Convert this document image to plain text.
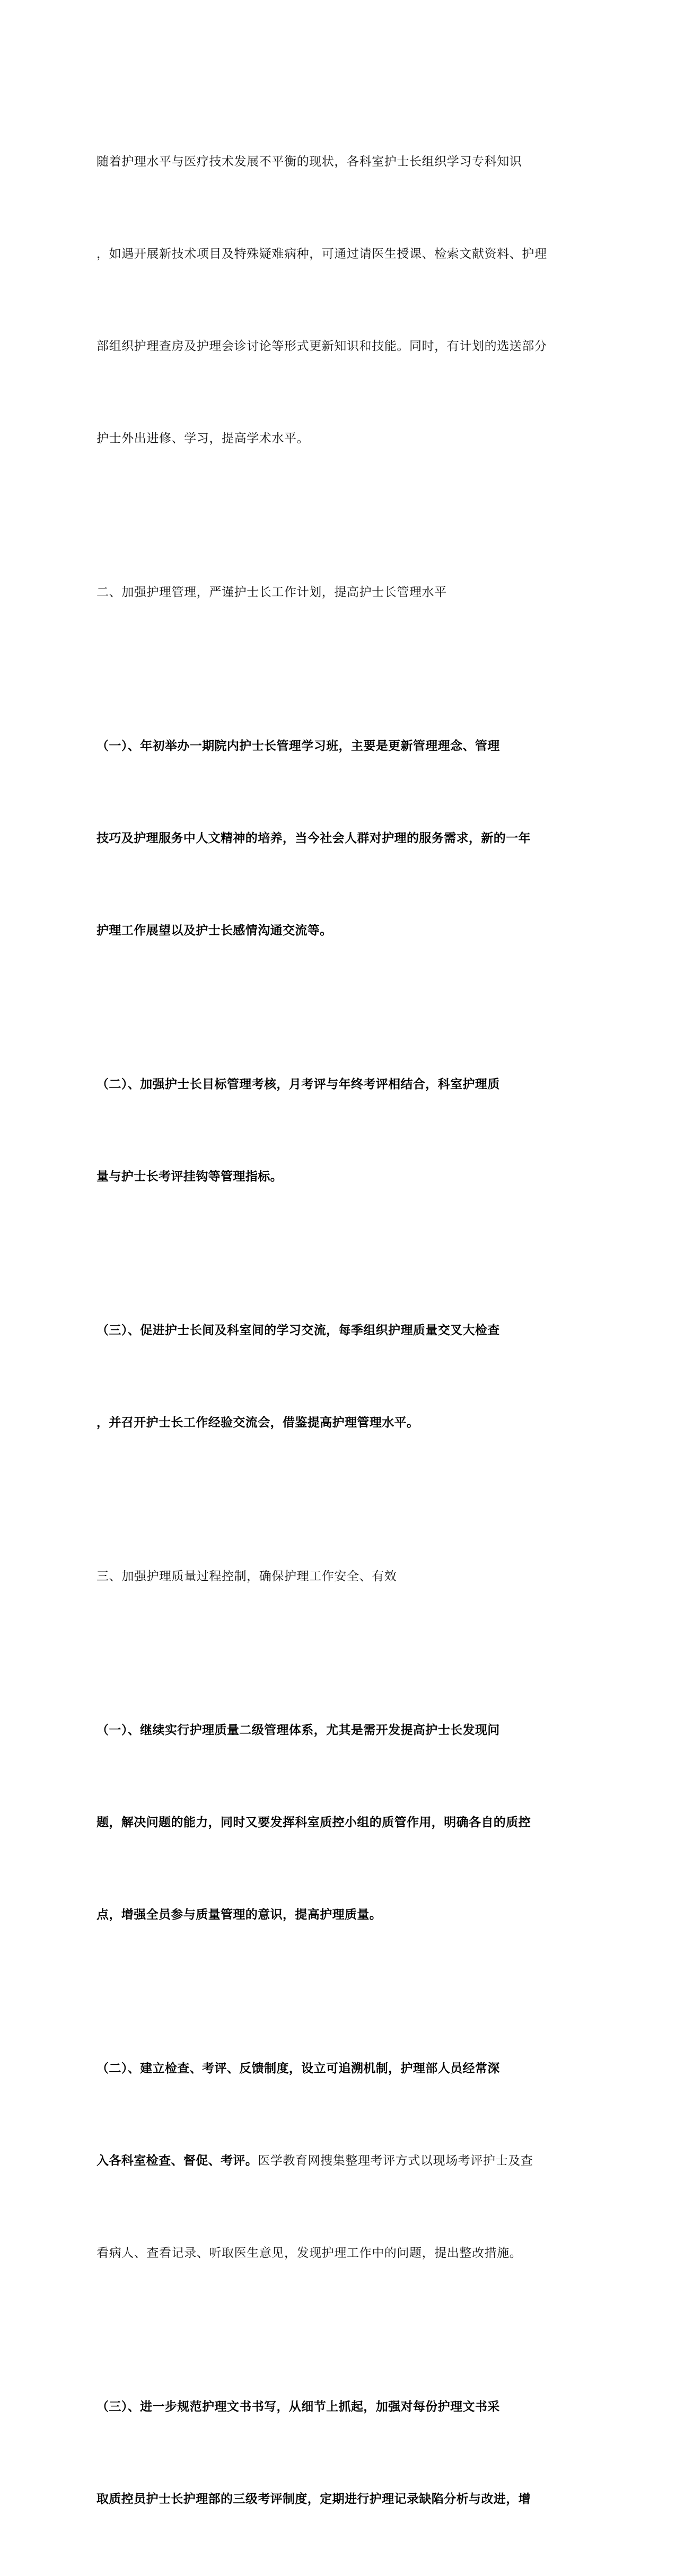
随着护理水平与医疗技术发展不平衡的现状，各科室护士长组织学习专科知识

，如遇开展新技术项目及特殊疑难病种，可通过请医生授课、检索文献资料、护理

部组织护理查房及护理会诊讨论等形式更新知识和技能。同时，有计划的选送部分

护士外出进修、学习，提高学术水平。

二、加强护理管理，严谨护士长工作计划，提高护士长管理水平

（一）、年初举办一期院内护士长管理学习班，主要是更新管理理念、管理

技巧及护理服务中人文精神的培养，当今社会人群对护理的服务需求，新的一年

护理工作展望以及护士长感情沟通交流等。

（二）、加强护士长目标管理考核，月考评与年终考评相结合，科室护理质

量与护士长考评挂钩等管理指标。

（三）、促进护士长间及科室间的学习交流，每季组织护理质量交叉大检查

，并召开护士长工作经验交流会，借鉴提高护理管理水平。

三、加强护理质量过程控制，确保护理工作安全、有效

（一）、继续实行护理质量二级管理体系，尤其是需开发提高护士长发现问

题，解决问题的能力，同时又要发挥科室质控小组的质管作用，明确各自的质控

点，增强全员参与质量管理的意识，提高护理质量。

（二）、建立检查、考评、反馈制度，设立可追溯机制，护理部人员经常深

入各科室检查、督促、考评。医学教育网搜集整理考评方式以现场考评护士及查

看病人、查看记录、听取医生意见，发现护理工作中的问题，提出整改措施。

（三）、进一步规范护理文书书写，从细节上抓起，加强对每份护理文书采

取质控员护士长护理部的三级考评制度，定期进行护理记录缺陷分析与改进，增
